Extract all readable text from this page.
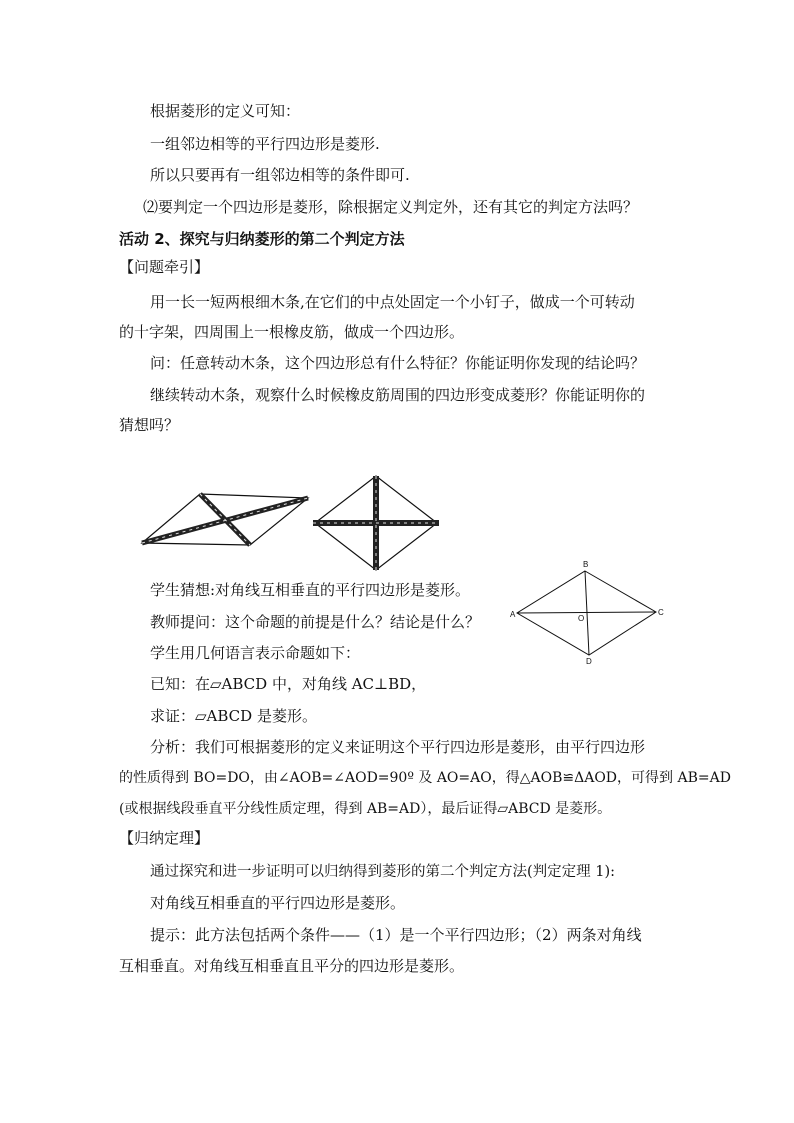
根据菱形的定义可知：
一组邻边相等的平行四边形是菱形.
所以只要再有一组邻边相等的条件即可.
⑵要判定一个四边形是菱形，除根据定义判定外，还有其它的判定方法吗？
活动 2、探究与归纳菱形的第二个判定方法
【问题牵引】
用一长一短两根细木条,在它们的中点处固定一个小钉子，做成一个可转动
的十字架，四周围上一根橡皮筋，做成一个四边形。
问：任意转动木条，这个四边形总有什么特征？你能证明你发现的结论吗？
继续转动木条，观察什么时候橡皮筋周围的四边形变成菱形？你能证明你的
猜想吗？
A
B
C
D
O
学生猜想:对角线互相垂直的平行四边形是菱形。
教师提问：这个命题的前提是什么？结论是什么？
学生用几何语言表示命题如下：
已知：在▱ABCD 中，对角线 AC⊥BD，
求证：▱ABCD 是菱形。
分析：我们可根据菱形的定义来证明这个平行四边形是菱形，由平行四边形
的性质得到 BO=DO，由∠AOB=∠AOD=90º 及 AO=AO，得△AOB≌ΔAOD，可得到 AB=AD
(或根据线段垂直平分线性质定理，得到 AB=AD），最后证得▱ABCD 是菱形。
【归纳定理】
通过探究和进一步证明可以归纳得到菱形的第二个判定方法(判定定理 1):
对角线互相垂直的平行四边形是菱形。
提示：此方法包括两个条件——（1）是一个平行四边形；（2）两条对角线
互相垂直。对角线互相垂直且平分的四边形是菱形。
